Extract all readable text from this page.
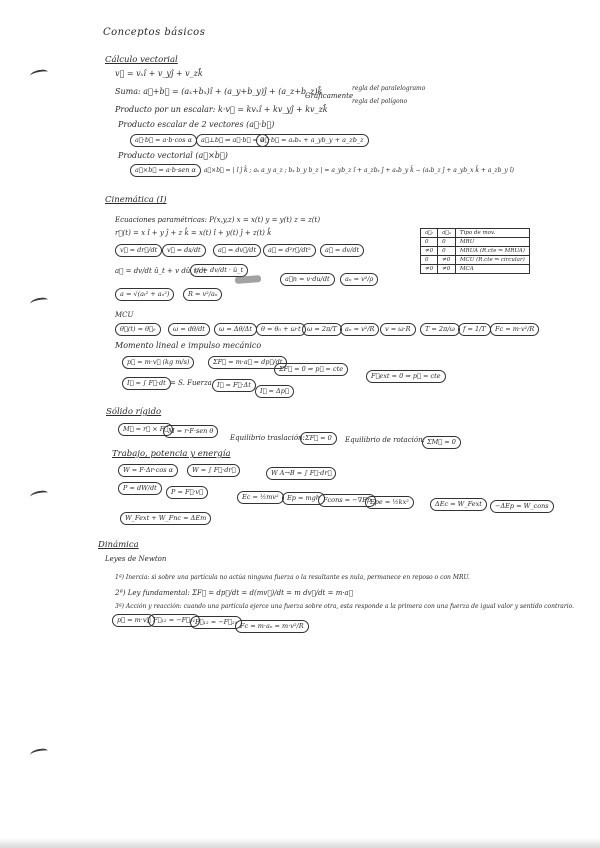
Conceptos básicos
Cálculo vectorial
v⃗ = vₓî + v_yĵ + v_zk̂
Suma: a⃗+b⃗ = (aₓ+bₓ)î + (a_y+b_y)ĵ + (a_z+b_z)k̂
Gráficamente
regla del paralelogramo
regla del polígono
Producto por un escalar: k·v⃗ = kvₓî + kv_yĵ + kv_zk̂
Producto escalar de 2 vectores (a⃗·b⃗)
a⃗·b⃗ = a·b·cos α	a⃗⊥b⃗ ⇒ a⃗·b⃗ = 0
a⃗·b⃗ = aₓbₓ + a_yb_y + a_zb_z
Producto vectorial (a⃗×b⃗)
a⃗×b⃗ = a·b·sen α	a⃗×b⃗ = | î ĵ k̂ ; aₓ a_y a_z ; bₓ b_y b_z | = a_yb_z î + a_zbₓ ĵ + aₓb_y k̂ − (aₓb_z ĵ + a_yb_x k̂ + a_zb_y î)
Cinemática (I)
Ecuaciones paramétricas: P(x,y,z) x = x(t) y = y(t) z = z(t)
r⃗(t) = x î + y ĵ + z k̂ = x(t) î + y(t) ĵ + z(t) k̂
v⃗ = dr⃗/dt	v⃗ = ds/dt	a⃗ = dv⃗/dt	a⃗ = d²r⃗/dt²	a⃗ = dv/dt
a⃗ₜ	a⃗ₙ	Tipo de mov.
0	0	MRU
≠0	0	MRUA (R.cte ⇒ MRUA)
0	≠0	MCU (R.cte ⇒ circular)
≠0	≠0	MCA
a⃗ = dv/dt û_t + v dû_t/dt
aₜ = dv/dt · û_t
a⃗n = v·du/dt	aₙ = v²/ρ
a = √(aₜ² + aₙ²)	R = v²/aₙ
MCU
θ⃗(t) = θ⃗₀	ω = dθ/dt	ω = Δθ/Δt	θ = θ₀ + ω·t ω = 2π/T	aₙ = v²/R	v = ω·R	T = 2π/ω	f = 1/T	Fc = m·v²/R
Momento lineal e impulso mecánico
p⃗ = m·v⃗ (kg m/s)	ΣF⃗ = m·a⃗ = dp⃗/dt
ΣF⃗ = 0 ⇒ p⃗ = cte
F⃗ext = 0 ⇒ p⃗ = cte
I⃗ = ∫ F⃗·dt = S. Fuerza I⃗ = F⃗·Δt
I⃗ = Δp⃗
Sólido rígido
M⃗ = r⃗ × F⃗ M = r·F·sen θ
Equilibrio traslación: ΣF⃗ = 0	Equilibrio de rotación: ΣM⃗ = 0
Trabajo, potencia y energía
W = F·Δr·cos α	W = ∫ F⃗·dr⃗	W A→B = ∫ F⃗·dr⃗
P = dW/dt	P = F⃗·v⃗
Ec = ½mv²	Ep = mgh Fcons = −∇Ep
Epe = ½kx²	ΔEc = W_Fext	−ΔEp = W_cons
W_Fext + W_Fnc = ΔEm
Dinámica
Leyes de Newton
1ª) Inercia: si sobre una partícula no actúa ninguna fuerza o la resultante es nula, permanece en reposo o con MRU.
2ª) Ley fundamental: ΣF⃗ = dp⃗/dt = d(mv⃗)/dt = m dv⃗/dt = m·a⃗
3ª) Acción y reacción: cuando una partícula ejerce una fuerza sobre otra, esta responde a la primera con una fuerza de igual valor y sentido contrario.
p⃗ = m·v⃗ F⃗₁₂ = −F⃗₂₁ F⃗₁₂ = −F⃗₂₁ Fc = m·aₙ = m·v²/R
